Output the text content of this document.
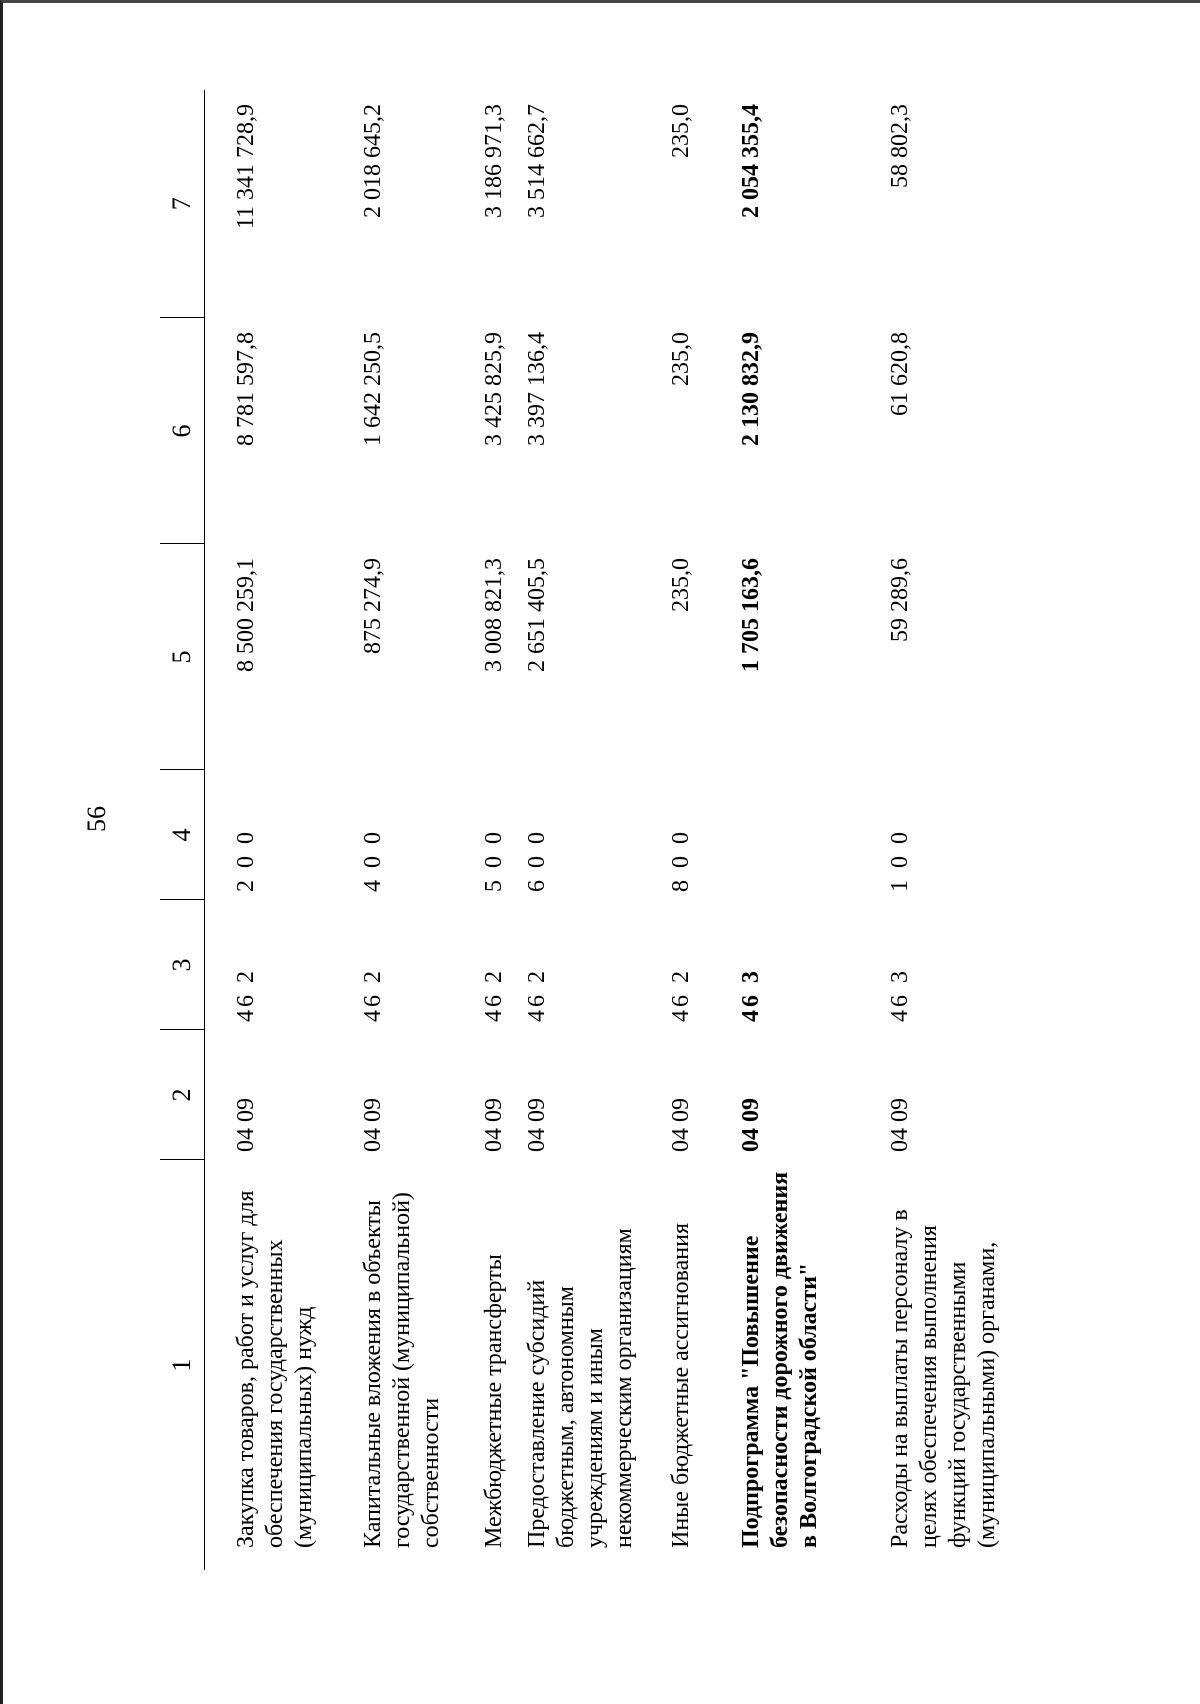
56
1	2	3	4	5	6	7
Закупка товаров, работ и услуг для обеспечения государственных (муниципальных) нужд	04 09	46 2	2 0 0	8 500 259,1	8 781 597,8	11 341 728,9
Капитальные вложения в объекты государственной (муниципальной) собственности	04 09	46 2	4 0 0	875 274,9	1 642 250,5	2 018 645,2
Межбюджетные трансферты	04 09	46 2	5 0 0	3 008 821,3	3 425 825,9	3 186 971,3
Предоставление субсидий бюджетным, автономным учреждениям и иным некоммерческим организациям	04 09	46 2	6 0 0	2 651 405,5	3 397 136,4	3 514 662,7
Иные бюджетные ассигнования	04 09	46 2	8 0 0	235,0	235,0	235,0
Подпрограмма "Повышение безопасности дорожного движения в Волгоградской области"	04 09	46 3		1 705 163,6	2 130 832,9	2 054 355,4
Расходы на выплаты персоналу в целях обеспечения выполнения функций государственными (муниципальными) органами,	04 09	46 3	1 0 0	59 289,6	61 620,8	58 802,3
